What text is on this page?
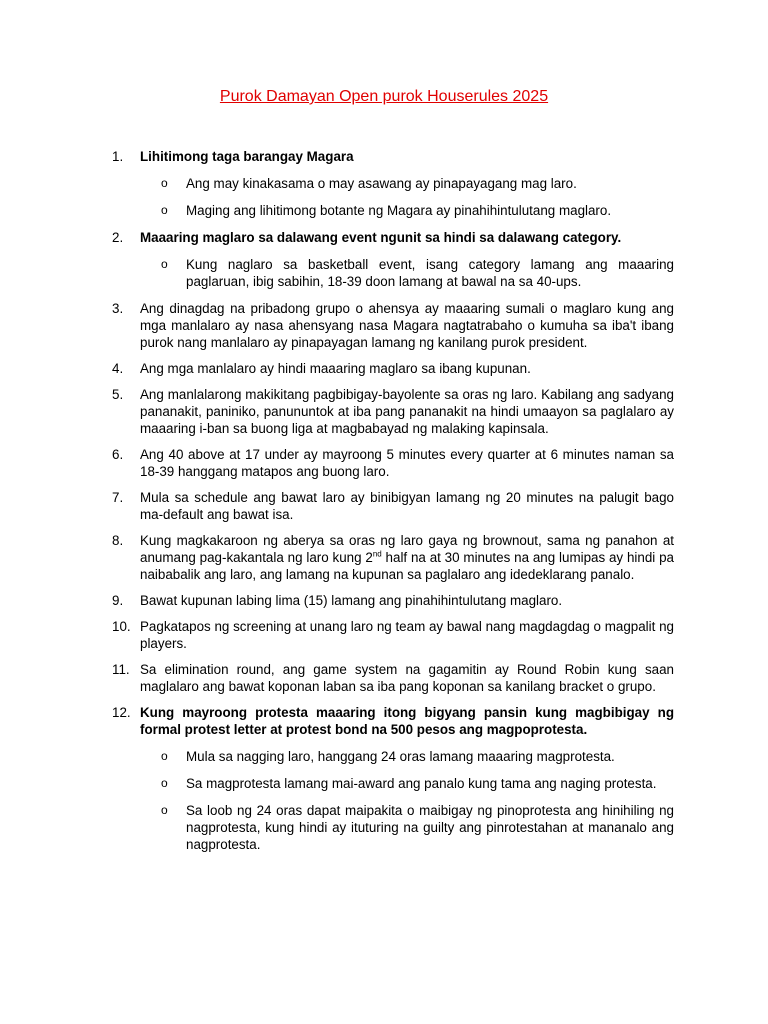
Purok Damayan Open purok Houserules 2025
1.	Lihitimong taga barangay Magara
o Ang may kinakasama o may asawang ay pinapayagang mag laro.
o Maging ang lihitimong botante ng Magara ay pinahihintulutang maglaro.
2.	Maaaring maglaro sa dalawang event ngunit sa hindi sa dalawang category.
o Kung naglaro sa basketball event, isang category lamang ang maaaring paglaruan, ibig sabihin, 18-39 doon lamang at bawal na sa 40-ups.
3.	Ang dinagdag na pribadong grupo o ahensya ay maaaring sumali o maglaro kung ang mga manlalaro ay nasa ahensyang nasa Magara nagtatrabaho o kumuha sa iba't ibang purok nang manlalaro ay pinapayagan lamang ng kanilang purok president.
4.	Ang mga manlalaro ay hindi maaaring maglaro sa ibang kupunan.
5.	Ang manlalarong makikitang pagbibigay-bayolente sa oras ng laro. Kabilang ang sadyang pananakit, paniniko, panununtok at iba pang pananakit na hindi umaayon sa paglalaro ay maaaring i-ban sa buong liga at magbabayad ng malaking kapinsala.
6.	Ang 40 above at 17 under ay mayroong 5 minutes every quarter at 6 minutes naman sa 18-39 hanggang matapos ang buong laro.
7.	Mula sa schedule ang bawat laro ay binibigyan lamang ng 20 minutes na palugit bago ma-default ang bawat isa.
8.	Kung magkakaroon ng aberya sa oras ng laro gaya ng brownout, sama ng panahon at anumang pag-kakantala ng laro kung 2nd half na at 30 minutes na ang lumipas ay hindi pa naibabalik ang laro, ang lamang na kupunan sa paglalaro ang idedeklarang panalo.
9.	Bawat kupunan labing lima (15) lamang ang pinahihintulutang maglaro.
10. Pagkatapos ng screening at unang laro ng team ay bawal nang magdagdag o magpalit ng players.
11. Sa elimination round, ang game system na gagamitin ay Round Robin kung saan maglalaro ang bawat koponan laban sa iba pang koponan sa kanilang bracket o grupo.
12. Kung mayroong protesta maaaring itong bigyang pansin kung magbibigay ng formal protest letter at protest bond na 500 pesos ang magpoprotesta.
o Mula sa nagging laro, hanggang 24 oras lamang maaaring magprotesta.
o Sa magprotesta lamang mai-award ang panalo kung tama ang naging protesta.
o Sa loob ng 24 oras dapat maipakita o maibigay ng pinoprotesta ang hinihiling ng nagprotesta, kung hindi ay ituturing na guilty ang pinrotestahan at mananalo ang nagprotesta.
